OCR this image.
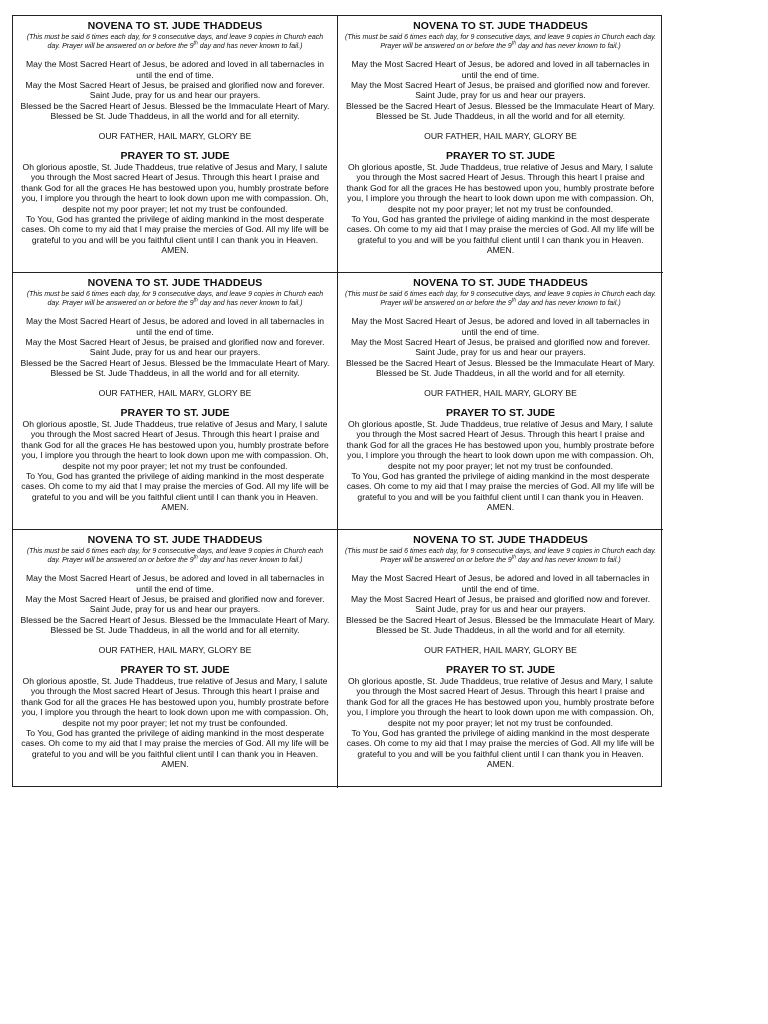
NOVENA TO ST. JUDE THADDEUS

(This must be said 6 times each day, for 9 consecutive days, and leave 9 copies in Church each day. Prayer will be answered on or before the 9th day and has never known to fail.)

May the Most Sacred Heart of Jesus, be adored and loved in all tabernacles in until the end of time.

May the Most Sacred Heart of Jesus, be praised and glorified now and forever.

Saint Jude, pray for us and hear our prayers.

Blessed be the Sacred Heart of Jesus. Blessed be the Immaculate Heart of Mary. Blessed be St. Jude Thaddeus, in all the world and for all eternity.

OUR FATHER, HAIL MARY, GLORY BE

PRAYER TO ST. JUDE

Oh glorious apostle, St. Jude Thaddeus, true relative of Jesus and Mary, I salute you through the Most sacred Heart of Jesus. Through this heart I praise and thank God for all the graces He has bestowed upon you, humbly prostrate before you, I implore you through the heart to look down upon me with compassion. Oh, despite not my poor prayer; let not my trust be confounded.

To You, God has granted the privilege of aiding mankind in the most desperate cases. Oh come to my aid that I may praise the mercies of God. All my life will be grateful to you and will be you faithful client until I can thank you in Heaven. AMEN.

NOVENA TO ST. JUDE THADDEUS

(This must be said 6 times each day, for 9 consecutive days, and leave 9 copies in Church each day. Prayer will be answered on or before the 9th day and has never known to fail.)

May the Most Sacred Heart of Jesus, be adored and loved in all tabernacles in until the end of time.

May the Most Sacred Heart of Jesus, be praised and glorified now and forever.

Saint Jude, pray for us and hear our prayers.

Blessed be the Sacred Heart of Jesus. Blessed be the Immaculate Heart of Mary. Blessed be St. Jude Thaddeus, in all the world and for all eternity.

OUR FATHER, HAIL MARY, GLORY BE

PRAYER TO ST. JUDE

Oh glorious apostle, St. Jude Thaddeus, true relative of Jesus and Mary, I salute you through the Most sacred Heart of Jesus. Through this heart I praise and thank God for all the graces He has bestowed upon you, humbly prostrate before you, I implore you through the heart to look down upon me with compassion. Oh, despite not my poor prayer; let not my trust be confounded.

To You, God has granted the privilege of aiding mankind in the most desperate cases. Oh come to my aid that I may praise the mercies of God. All my life will be grateful to you and will be you faithful client until I can thank you in Heaven. AMEN.

NOVENA TO ST. JUDE THADDEUS

(This must be said 6 times each day, for 9 consecutive days, and leave 9 copies in Church each day. Prayer will be answered on or before the 9th day and has never known to fail.)

May the Most Sacred Heart of Jesus, be adored and loved in all tabernacles in until the end of time.

May the Most Sacred Heart of Jesus, be praised and glorified now and forever.

Saint Jude, pray for us and hear our prayers.

Blessed be the Sacred Heart of Jesus. Blessed be the Immaculate Heart of Mary. Blessed be St. Jude Thaddeus, in all the world and for all eternity.

OUR FATHER, HAIL MARY, GLORY BE

PRAYER TO ST. JUDE

Oh glorious apostle, St. Jude Thaddeus, true relative of Jesus and Mary, I salute you through the Most sacred Heart of Jesus. Through this heart I praise and thank God for all the graces He has bestowed upon you, humbly prostrate before you, I implore you through the heart to look down upon me with compassion. Oh, despite not my poor prayer; let not my trust be confounded.

To You, God has granted the privilege of aiding mankind in the most desperate cases. Oh come to my aid that I may praise the mercies of God. All my life will be grateful to you and will be you faithful client until I can thank you in Heaven. AMEN.

NOVENA TO ST. JUDE THADDEUS

(This must be said 6 times each day, for 9 consecutive days, and leave 9 copies in Church each day. Prayer will be answered on or before the 9th day and has never known to fail.)

May the Most Sacred Heart of Jesus, be adored and loved in all tabernacles in until the end of time.

May the Most Sacred Heart of Jesus, be praised and glorified now and forever.

Saint Jude, pray for us and hear our prayers.

Blessed be the Sacred Heart of Jesus. Blessed be the Immaculate Heart of Mary. Blessed be St. Jude Thaddeus, in all the world and for all eternity.

OUR FATHER, HAIL MARY, GLORY BE

PRAYER TO ST. JUDE

Oh glorious apostle, St. Jude Thaddeus, true relative of Jesus and Mary, I salute you through the Most sacred Heart of Jesus. Through this heart I praise and thank God for all the graces He has bestowed upon you, humbly prostrate before you, I implore you through the heart to look down upon me with compassion. Oh, despite not my poor prayer; let not my trust be confounded.

To You, God has granted the privilege of aiding mankind in the most desperate cases. Oh come to my aid that I may praise the mercies of God. All my life will be grateful to you and will be you faithful client until I can thank you in Heaven. AMEN.

NOVENA TO ST. JUDE THADDEUS

(This must be said 6 times each day, for 9 consecutive days, and leave 9 copies in Church each day. Prayer will be answered on or before the 9th day and has never known to fail.)

May the Most Sacred Heart of Jesus, be adored and loved in all tabernacles in until the end of time.

May the Most Sacred Heart of Jesus, be praised and glorified now and forever.

Saint Jude, pray for us and hear our prayers.

Blessed be the Sacred Heart of Jesus. Blessed be the Immaculate Heart of Mary. Blessed be St. Jude Thaddeus, in all the world and for all eternity.

OUR FATHER, HAIL MARY, GLORY BE

PRAYER TO ST. JUDE

Oh glorious apostle, St. Jude Thaddeus, true relative of Jesus and Mary, I salute you through the Most sacred Heart of Jesus. Through this heart I praise and thank God for all the graces He has bestowed upon you, humbly prostrate before you, I implore you through the heart to look down upon me with compassion. Oh, despite not my poor prayer; let not my trust be confounded.

To You, God has granted the privilege of aiding mankind in the most desperate cases. Oh come to my aid that I may praise the mercies of God. All my life will be grateful to you and will be you faithful client until I can thank you in Heaven. AMEN.

NOVENA TO ST. JUDE THADDEUS

(This must be said 6 times each day, for 9 consecutive days, and leave 9 copies in Church each day. Prayer will be answered on or before the 9th day and has never known to fail.)

May the Most Sacred Heart of Jesus, be adored and loved in all tabernacles in until the end of time.

May the Most Sacred Heart of Jesus, be praised and glorified now and forever.

Saint Jude, pray for us and hear our prayers.

Blessed be the Sacred Heart of Jesus. Blessed be the Immaculate Heart of Mary. Blessed be St. Jude Thaddeus, in all the world and for all eternity.

OUR FATHER, HAIL MARY, GLORY BE

PRAYER TO ST. JUDE

Oh glorious apostle, St. Jude Thaddeus, true relative of Jesus and Mary, I salute you through the Most sacred Heart of Jesus. Through this heart I praise and thank God for all the graces He has bestowed upon you, humbly prostrate before you, I implore you through the heart to look down upon me with compassion. Oh, despite not my poor prayer; let not my trust be confounded.

To You, God has granted the privilege of aiding mankind in the most desperate cases. Oh come to my aid that I may praise the mercies of God. All my life will be grateful to you and will be you faithful client until I can thank you in Heaven. AMEN.
